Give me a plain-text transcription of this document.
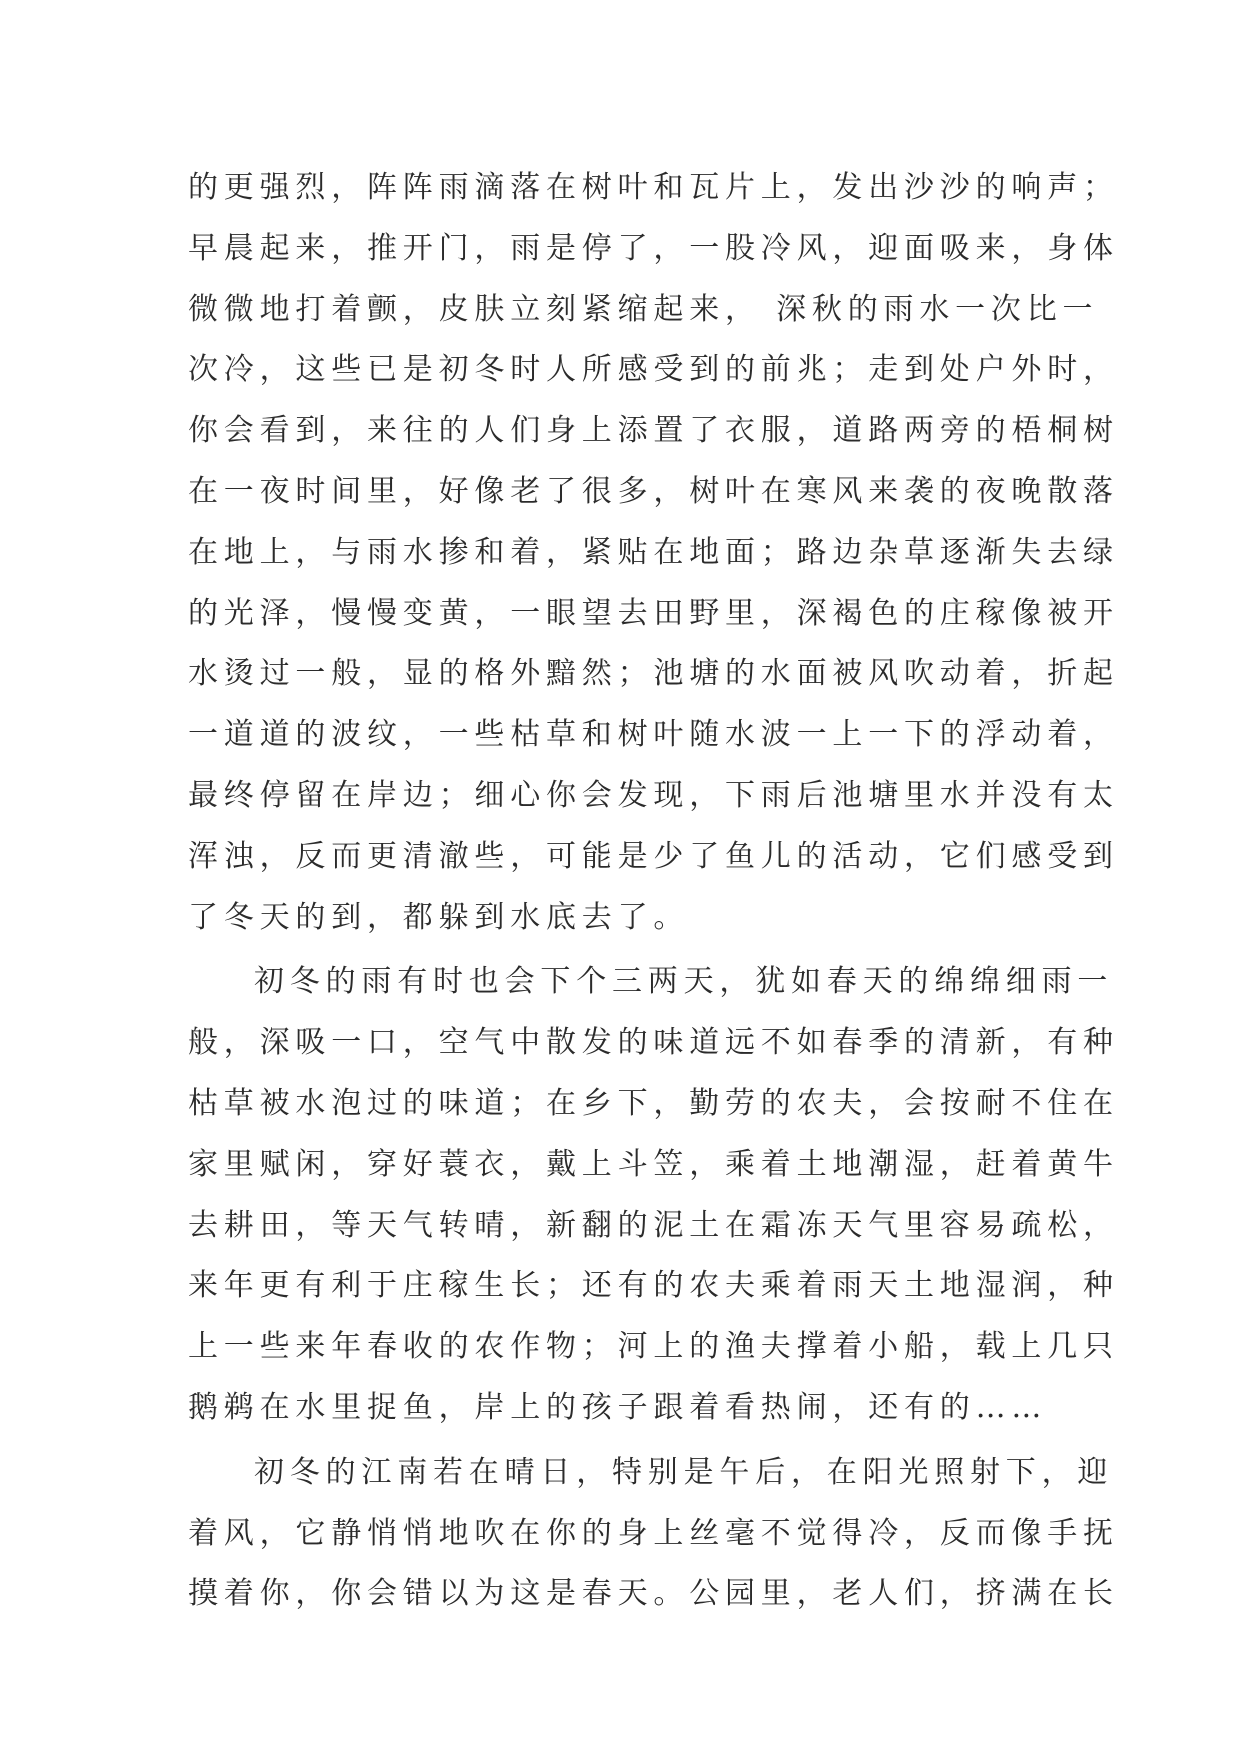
的更强烈，阵阵雨滴落在树叶和瓦片上，发出沙沙的响声；
早晨起来，推开门，雨是停了，一股冷风，迎面吸来，身体
微微地打着颤，皮肤立刻紧缩起来， 深秋的雨水一次比一
次冷，这些已是初冬时人所感受到的前兆；走到处户外时，
你会看到，来往的人们身上添置了衣服，道路两旁的梧桐树
在一夜时间里，好像老了很多，树叶在寒风来袭的夜晚散落
在地上，与雨水掺和着，紧贴在地面；路边杂草逐渐失去绿
的光泽，慢慢变黄，一眼望去田野里，深褐色的庄稼像被开
水烫过一般，显的格外黯然；池塘的水面被风吹动着，折起
一道道的波纹，一些枯草和树叶随水波一上一下的浮动着，
最终停留在岸边；细心你会发现，下雨后池塘里水并没有太
浑浊，反而更清澈些，可能是少了鱼儿的活动，它们感受到
了冬天的到，都躲到水底去了。
初冬的雨有时也会下个三两天，犹如春天的绵绵细雨一
般，深吸一口，空气中散发的味道远不如春季的清新，有种
枯草被水泡过的味道；在乡下，勤劳的农夫，会按耐不住在
家里赋闲，穿好蓑衣，戴上斗笠，乘着土地潮湿，赶着黄牛
去耕田，等天气转晴，新翻的泥土在霜冻天气里容易疏松，
来年更有利于庄稼生长；还有的农夫乘着雨天土地湿润，种
上一些来年春收的农作物；河上的渔夫撑着小船，载上几只
鹅鹈在水里捉鱼，岸上的孩子跟着看热闹，还有的……
初冬的江南若在晴日，特别是午后，在阳光照射下，迎
着风，它静悄悄地吹在你的身上丝毫不觉得冷，反而像手抚
摸着你，你会错以为这是春天。公园里，老人们，挤满在长
